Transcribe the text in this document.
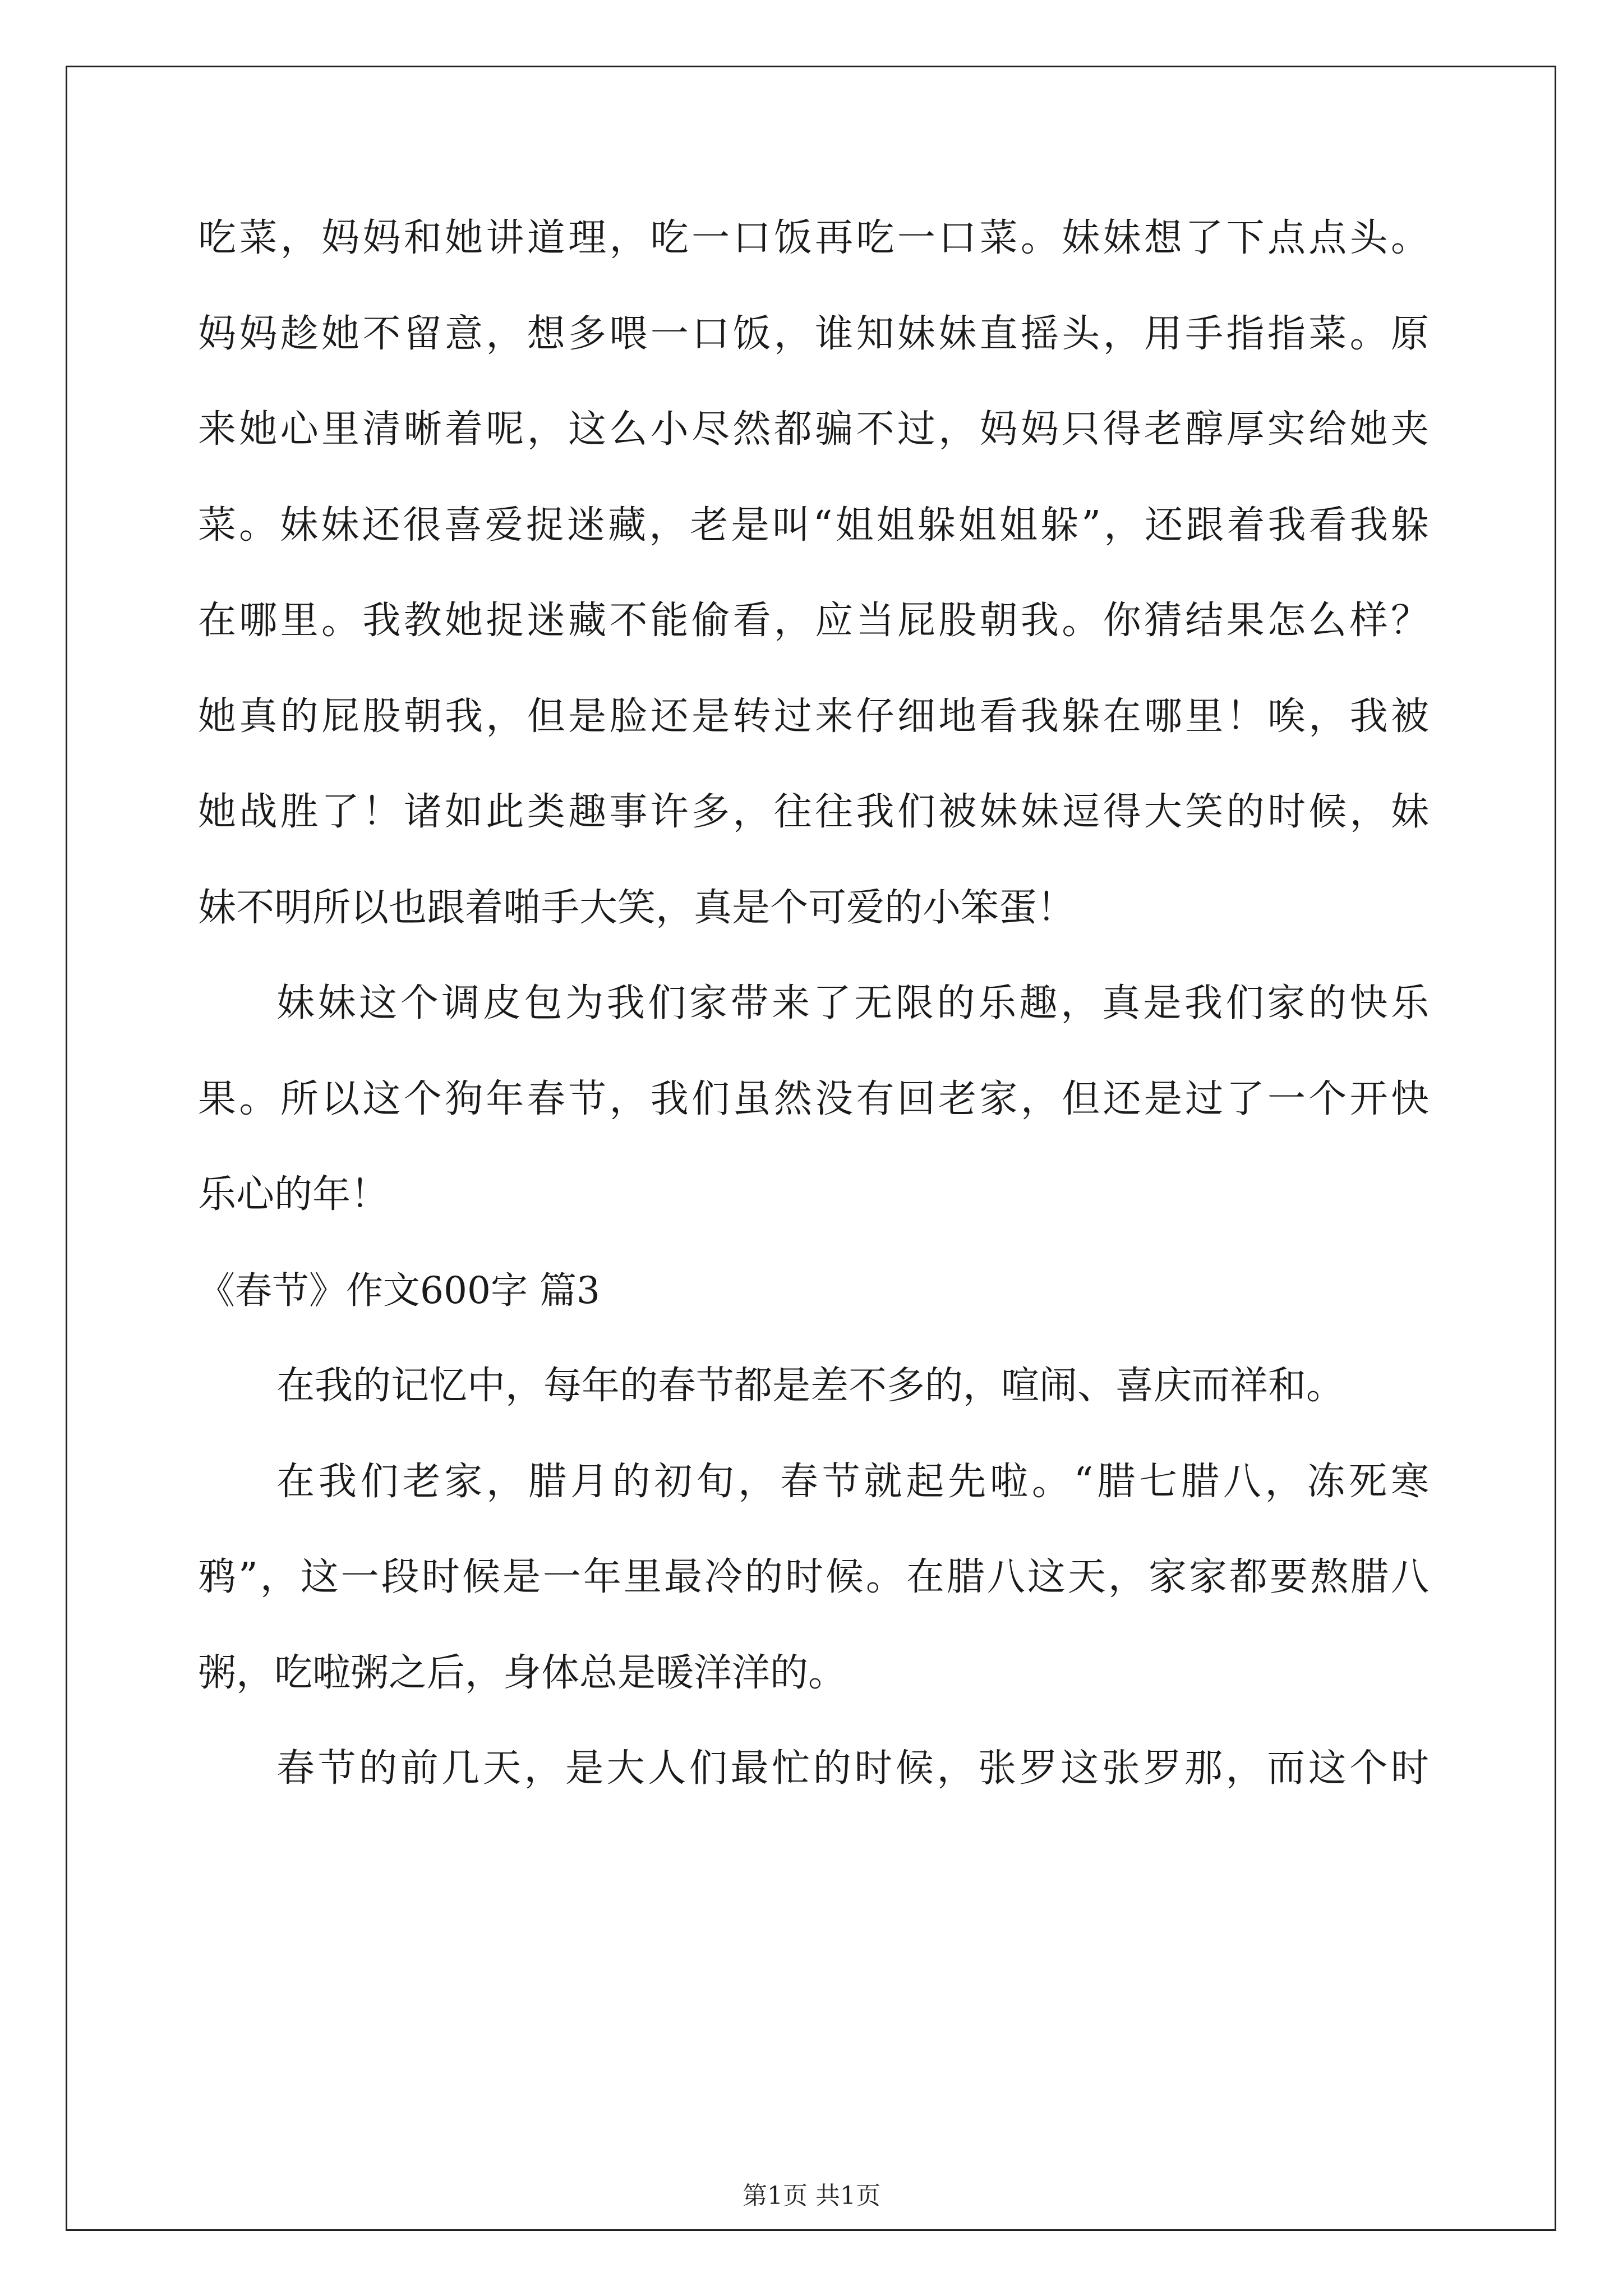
吃菜，妈妈和她讲道理，吃一口饭再吃一口菜。妹妹想了下点点头。
妈妈趁她不留意，想多喂一口饭，谁知妹妹直摇头，用手指指菜。原
来她心里清晰着呢，这么小尽然都骗不过，妈妈只得老醇厚实给她夹
菜。妹妹还很喜爱捉迷藏，老是叫“姐姐躲姐姐躲”，还跟着我看我躲
在哪里。我教她捉迷藏不能偷看，应当屁股朝我。你猜结果怎么样？
她真的屁股朝我，但是脸还是转过来仔细地看我躲在哪里！唉，我被
她战胜了！诸如此类趣事许多，往往我们被妹妹逗得大笑的时候，妹
妹不明所以也跟着啪手大笑，真是个可爱的小笨蛋！
妹妹这个调皮包为我们家带来了无限的乐趣，真是我们家的快乐
果。所以这个狗年春节，我们虽然没有回老家，但还是过了一个开快
乐心的年！
《春节》作文600字 篇3
在我的记忆中，每年的春节都是差不多的，喧闹、喜庆而祥和。
在我们老家，腊月的初旬，春节就起先啦。“腊七腊八，冻死寒
鸦”，这一段时候是一年里最冷的时候。在腊八这天，家家都要熬腊八
粥，吃啦粥之后，身体总是暖洋洋的。
春节的前几天，是大人们最忙的时候，张罗这张罗那，而这个时
第1页 共1页
